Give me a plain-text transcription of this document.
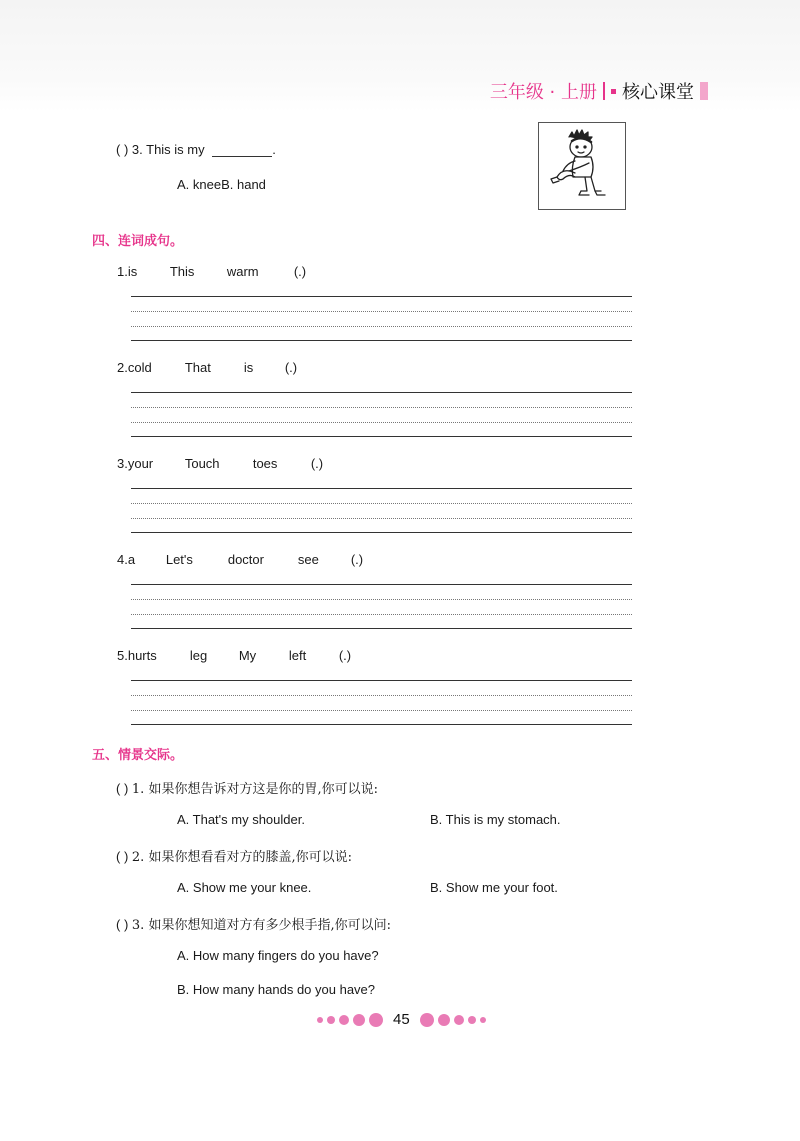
三年级 · 上册 核心课堂
( ) 3. This is my	.
A. kneeB. hand
四、连词成句。
1. is	This	warm	(.)
2. cold	That	is	(.)
3. your	Touch	toes	(.)
4. a	Let's	doctor	see	(.)
5. hurts	leg	My	left	(.)
五、情景交际。
( ) 1. 如果你想告诉对方这是你的胃,你可以说:
A. That's my shoulder.	B. This is my stomach.
( ) 2. 如果你想看看对方的膝盖,你可以说:
A. Show me your knee.	B. Show me your foot.
( ) 3. 如果你想知道对方有多少根手指,你可以问:
A. How many fingers do you have?
B. How many hands do you have?
45
